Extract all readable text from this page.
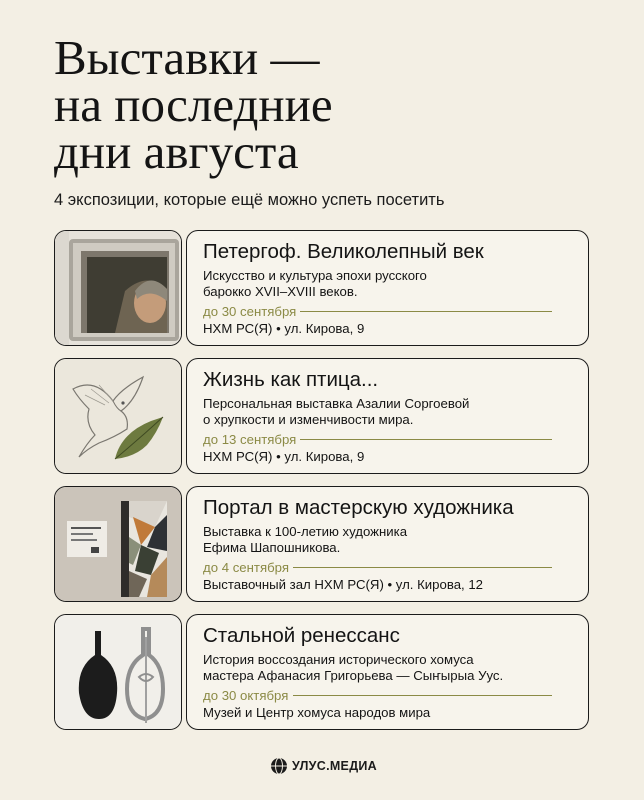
Выставки —
на последние
дни августа
4 экспозиции, которые ещё можно успеть посетить
Петергоф. Великолепный век
Искусство и культура эпохи русского
барокко XVII–XVIII веков.
до 30 сентября
НХМ РС(Я) • ул. Кирова, 9
Жизнь как птица...
Персональная выставка Азалии Соргоевой
о хрупкости и изменчивости мира.
до 13 сентября
НХМ РС(Я) • ул. Кирова, 9
Портал в мастерскую художника
Выставка к 100-летию художника
Ефима Шапошникова.
до 4 сентября
Выставочный зал НХМ РС(Я) • ул. Кирова, 12
Стальной ренессанс
История воссоздания исторического хомуса
мастера Афанасия Григорьева — Сыҥырыа Уус.
до 30 октября
Музей и Центр хомуса народов мира
УЛУС.МЕДИА
